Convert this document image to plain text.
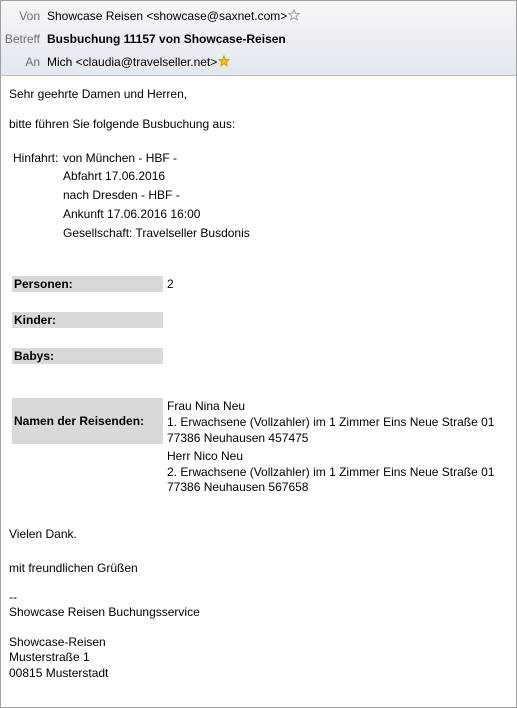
Von Showcase Reisen <showcase@saxnet.com>
Betreff Busbuchung 11157 von Showcase-Reisen
An Mich <claudia@travelseller.net>
Sehr geehrte Damen und Herren,
bitte führen Sie folgende Busbuchung aus:
Hinfahrt: von München - HBF -
Abfahrt 17.06.2016
nach Dresden - HBF -
Ankunft 17.06.2016 16:00
Gesellschaft: Travelseller Busdonis
Personen:	2
Kinder:
Babys:
Namen der Reisenden:
Frau Nina Neu
1. Erwachsene (Vollzahler) im 1 Zimmer Eins Neue Straße 01
77386 Neuhausen 457475
Herr Nico Neu
2. Erwachsene (Vollzahler) im 1 Zimmer Eins Neue Straße 01
77386 Neuhausen 567658
Vielen Dank.
mit freundlichen Grüßen
--
Showcase Reisen Buchungsservice
Showcase-Reisen
Musterstraße 1
00815 Musterstadt
